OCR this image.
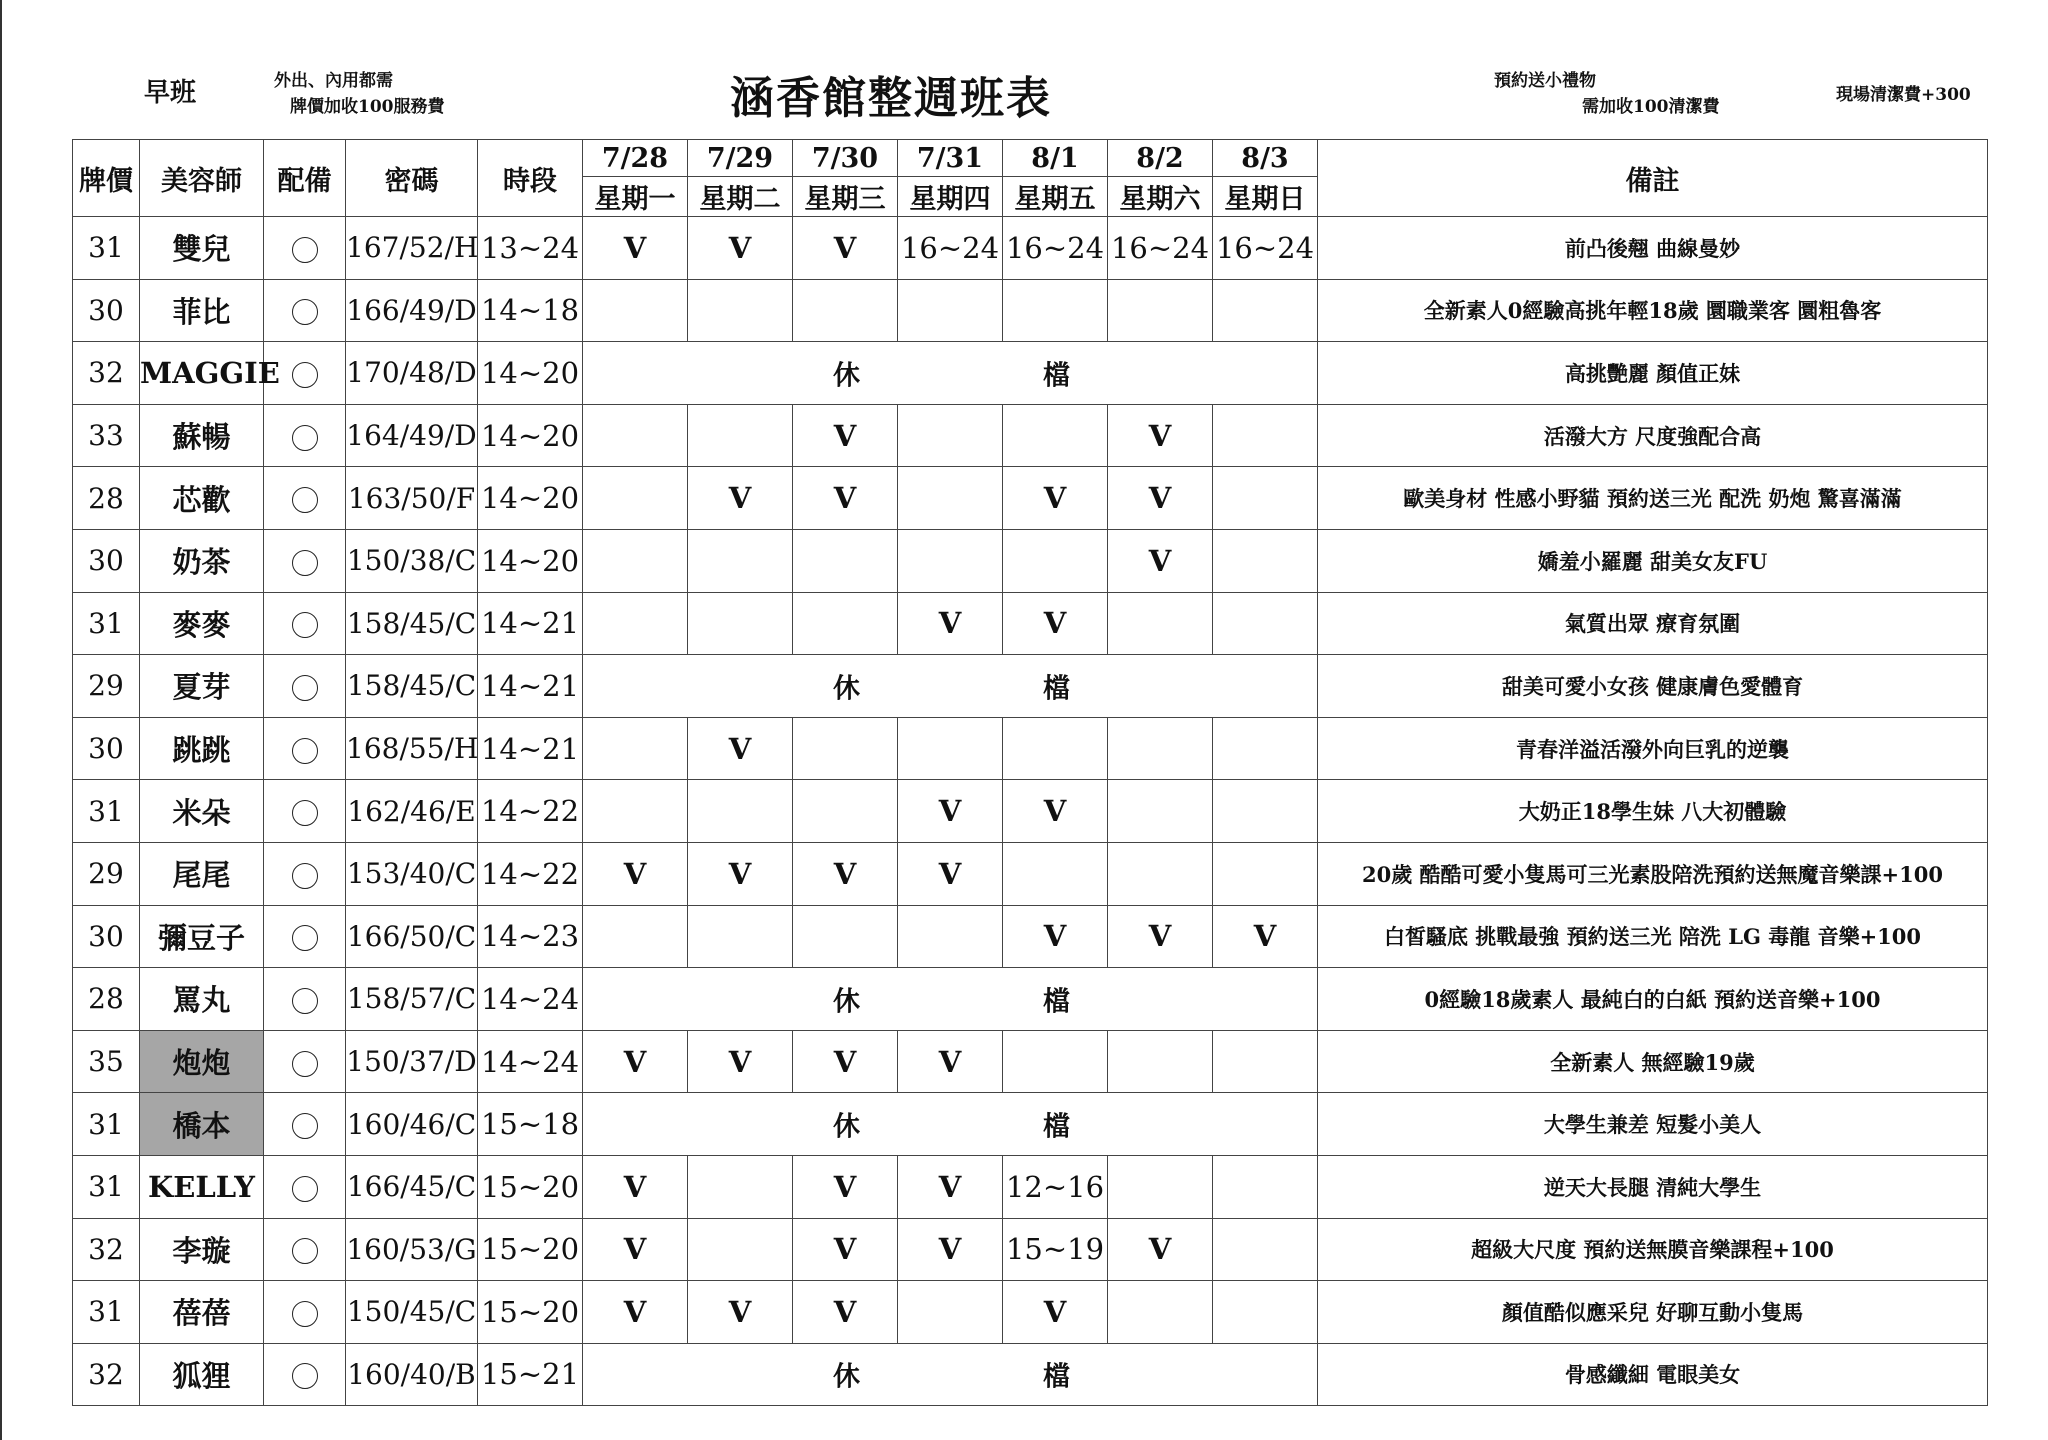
早班	外出、內用都需
牌價加收100服務費	涵香館整週班表	預約送小禮物
需加收100清潔費
現場清潔費+300
牌價	美容師	配備	密碼	時段	7/28	7/29	7/30	7/31	8/1	8/2	8/3	備註
					星期一	星期二	星期三	星期四	星期五	星期六	星期日	
31	雙兒		167/52/H	13~24	V	V	V	16~24	16~24	16~24	16~24	前凸後翹 曲線曼妙
30	菲比		166/49/D	14~18								全新素人0經驗高挑年輕18歲 圜職業客 圜粗魯客
32	MAGGIE		170/48/D	14~20	休 檔							高挑艷麗 顏值正妹
33	蘇暢		164/49/D	14~20			V			V		活潑大方 尺度強配合高
28	芯歡		163/50/F	14~20		V	V		V	V		歐美身材 性感小野貓 預約送三光 配洗 奶炮 驚喜滿滿
30	奶茶		150/38/C	14~20						V		嬌羞小羅麗 甜美女友FU
31	麥麥		158/45/C	14~21				V	V			氣質出眾 療育氛圍
29	夏芽		158/45/C	14~21	休 檔							甜美可愛小女孩 健康膚色愛體育
30	跳跳		168/55/H	14~21		V						青春洋溢活潑外向巨乳的逆襲
31	米朵		162/46/E	14~22				V	V			大奶正18學生妹 八大初體驗
29	尾尾		153/40/C	14~22	V	V	V	V				20歲 酷酷可愛小隻馬可三光素股陪洗預約送無魔音樂課+100
30	彌豆子		166/50/C	14~23					V	V	V	白皙騷底 挑戰最強 預約送三光 陪洗 LG 毒龍 音樂+100
28	罵丸		158/57/C	14~24	休 檔							0經驗18歲素人 最純白的白紙 預約送音樂+100
35	炮炮		150/37/D	14~24	V	V	V	V				全新素人 無經驗19歲
31	橋本		160/46/C	15~18	休 檔							大學生兼差 短髮小美人
31	KELLY		166/45/C	15~20	V		V	V	12~16			逆天大長腿 清純大學生
32	李璇		160/53/G	15~20	V		V	V	15~19	V		超級大尺度 預約送無膜音樂課程+100
31	蓓蓓		150/45/C	15~20	V	V	V		V			顏值酷似應采兒 好聊互動小隻馬
32	狐狸		160/40/B	15~21	休 檔							骨感纖細 電眼美女
